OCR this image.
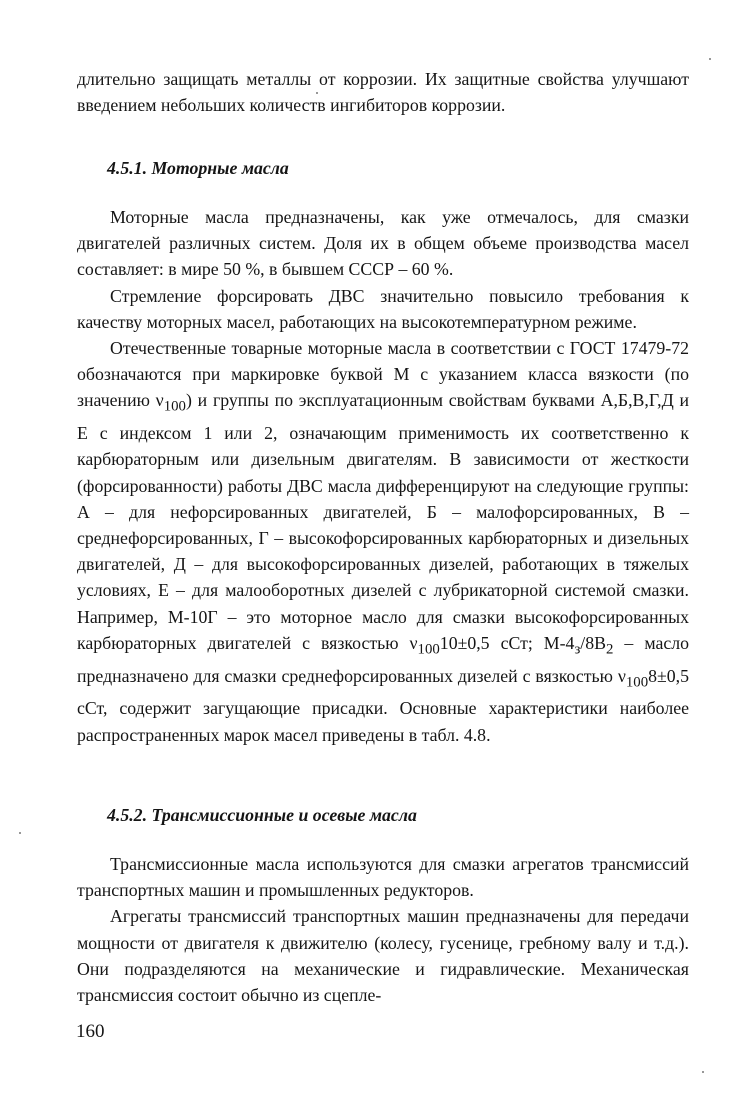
длительно защищать металлы от коррозии. Их защитные свойства улучшают введением небольших количеств ингибиторов коррозии.

4.5.1. Моторные масла

Моторные масла предназначены, как уже отмечалось, для смазки двигателей различных систем. Доля их в общем объеме производства масел составляет: в мире 50 %, в бывшем СССР – 60 %.

Стремление форсировать ДВС значительно повысило требования к качеству моторных масел, работающих на высокотемпературном режиме.

Отечественные товарные моторные масла в соответствии с ГОСТ 17479-72 обозначаются при маркировке буквой М с указанием класса вязкости (по значению $\nu_{100}$) и группы по эксплуатационным свойствам буквами А,Б,В,Г,Д и Е с индексом 1 или 2, означающим применимость их соответственно к карбюраторным или дизельным двигателям. В зависимости от жесткости (форсированности) работы ДВС масла дифференцируют на следующие группы: А – для нефорсированных двигателей, Б – малофорсированных, В – среднефорсированных, Г – высокофорсированных карбюраторных и дизельных двигателей, Д – для высокофорсированных дизелей, работающих в тяжелых условиях, Е – для малооборотных дизелей с лубрикаторной системой смазки. Например, М-10Г – это моторное масло для смазки высокофорсированных карбюраторных двигателей с вязкостью $\nu_{100}10\pm 0,5$ сСт; $М-4_з/8В_2$ – масло предназначено для смазки среднефорсированных дизелей с вязкостью $\nu_{100}8\pm 0,5$ сСт, содержит загущающие присадки. Основные характеристики наиболее распространенных марок масел приведены в табл. 4.8.

4.5.2. Трансмиссионные и осевые масла

Трансмиссионные масла используются для смазки агрегатов трансмиссий транспортных машин и промышленных редукторов.

Агрегаты трансмиссий транспортных машин предназначены для передачи мощности от двигателя к движителю (колесу, гусенице, гребному валу и т.д.). Они подразделяются на механические и гидравлические. Механическая трансмиссия состоит обычно из сцепле-

160
